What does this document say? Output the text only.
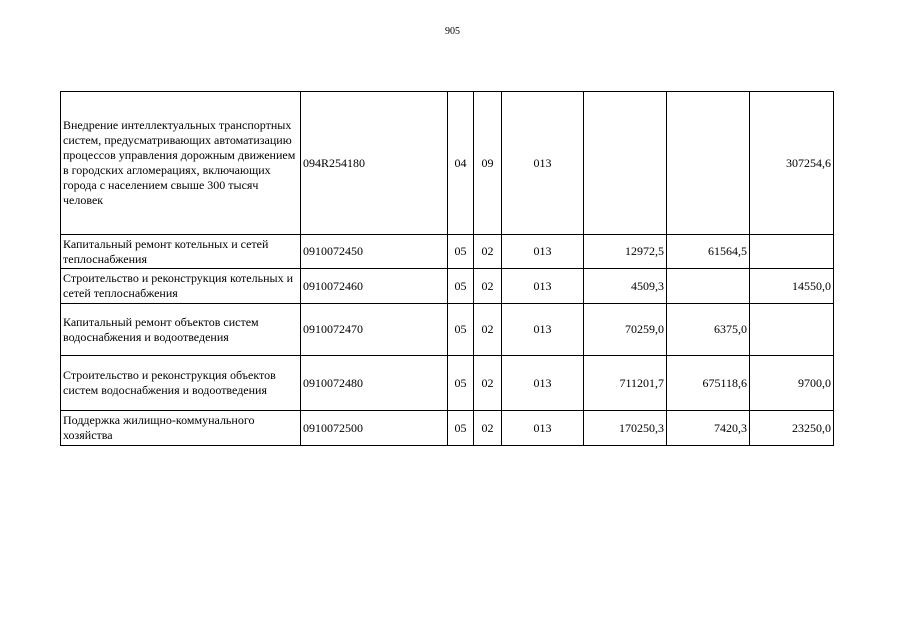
905
Внедрение интеллектуальных транспортных систем, предусматривающих автоматизацию процессов управления дорожным движением в городских агломерациях, включающих города с населением свыше 300 тысяч человек	094R254180	04	09	013			307254,6
Капитальный ремонт котельных и сетей теплоснабжения	0910072450	05	02	013	12972,5	61564,5	
Строительство и реконструкция котельных и сетей теплоснабжения	0910072460	05	02	013	4509,3		14550,0
Капитальный ремонт объектов систем водоснабжения и водоотведения	0910072470	05	02	013	70259,0	6375,0	
Строительство и реконструкция объектов систем водоснабжения и водоотведения	0910072480	05	02	013	711201,7	675118,6	9700,0
Поддержка жилищно-коммунального хозяйства	0910072500	05	02	013	170250,3	7420,3	23250,0
